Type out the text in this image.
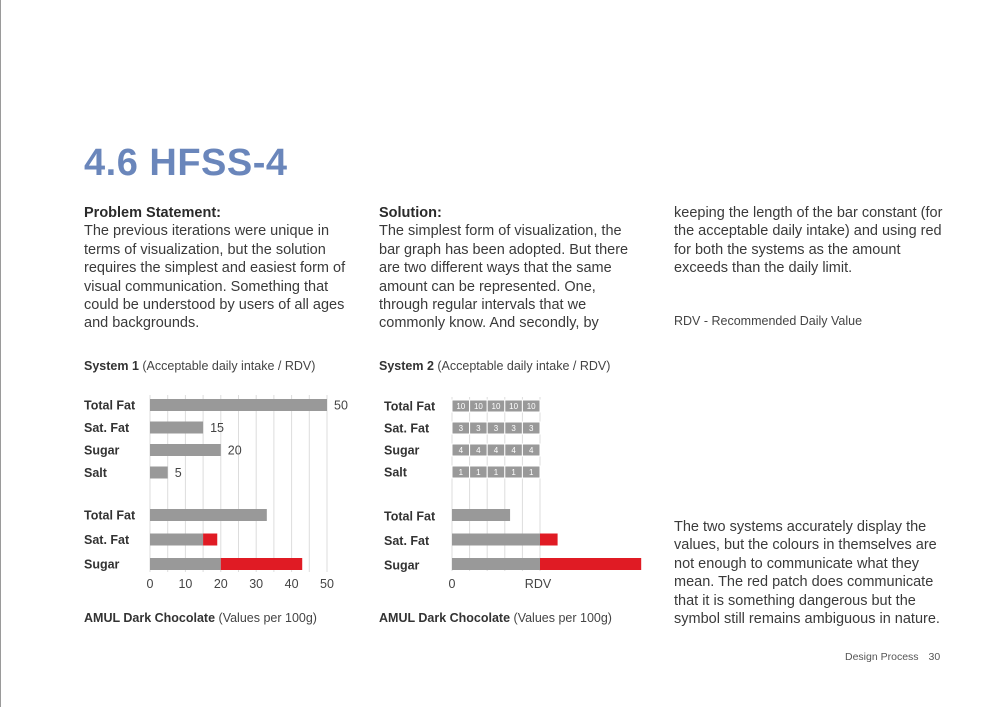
4.6 HFSS-4
Problem Statement:

The previous iterations were unique in terms of visualization, but the solution requires the simplest and easiest form of visual communication. Something that could be understood by users of all ages and backgrounds.

Solution:

The simplest form of visualization, the bar graph has been adopted. But there are two different ways that the same amount can be represented. One, through regular intervals that we commonly know. And secondly, by

keeping the length of the bar constant (for the acceptable daily intake) and using red for both the systems as the amount exceeds than the daily limit.

RDV - Recommended Daily Value
System 1 (Acceptable daily intake / RDV)	System 2 (Acceptable daily intake / RDV)
Total Fat	50
Sat. Fat	15
Sugar	20
Salt	5
Total Fat
Sat. Fat
Sugar
0 10 20 30 40 50
Total Fat	10 10 10 10 10
Sat. Fat	3 3 3 3 3
Sugar	4 4 4 4 4
Salt	1 1 1 1 1
Total Fat
Sat. Fat
Sugar
0	RDV
AMUL Dark Chocolate (Values per 100g)	AMUL Dark Chocolate (Values per 100g)

The two systems accurately display the values, but the colours in themselves are not enough to communicate what they mean. The red patch does communicate that it is something dangerous but the symbol still remains ambiguous in nature.

Design Process 30
